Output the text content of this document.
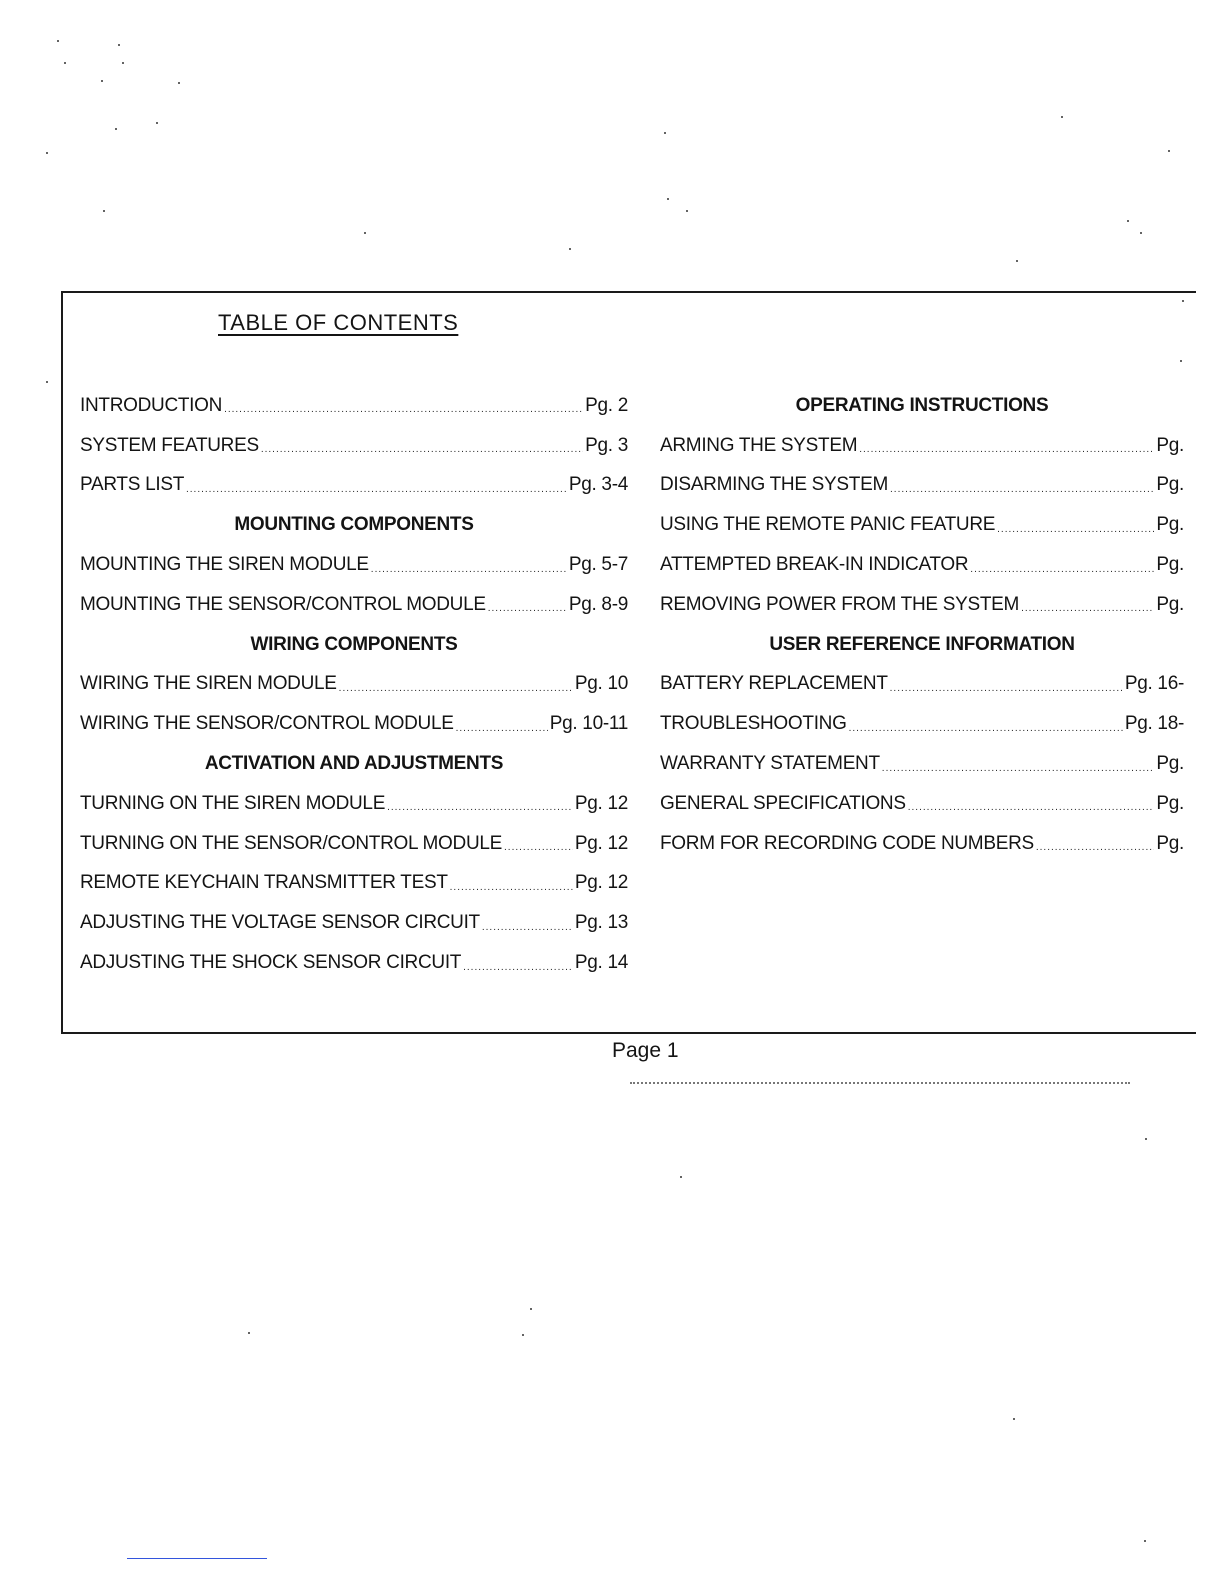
TABLE OF CONTENTS
INTRODUCTION .....	Pg. 2
SYSTEM FEATURES .....	Pg. 3
PARTS LIST .....	Pg. 3-4
MOUNTING COMPONENTS
MOUNTING THE SIREN MODULE .....	Pg. 5-7
MOUNTING THE SENSOR/CONTROL MODULE .....	Pg. 8-9
WIRING COMPONENTS
WIRING THE SIREN MODULE .....	Pg. 10
WIRING THE SENSOR/CONTROL MODULE .....	Pg. 10-11
ACTIVATION AND ADJUSTMENTS
TURNING ON THE SIREN MODULE .....	Pg. 12
TURNING ON THE SENSOR/CONTROL MODULE .....	Pg. 12
REMOTE KEYCHAIN TRANSMITTER TEST .....	Pg. 12
ADJUSTING THE VOLTAGE SENSOR CIRCUIT .....	Pg. 13
ADJUSTING THE SHOCK SENSOR CIRCUIT .....	Pg. 14
OPERATING INSTRUCTIONS
ARMING THE SYSTEM .....	Pg.
DISARMING THE SYSTEM .....	Pg.
USING THE REMOTE PANIC FEATURE .....	Pg.
ATTEMPTED BREAK-IN INDICATOR .....	Pg.
REMOVING POWER FROM THE SYSTEM .....	Pg.
USER REFERENCE INFORMATION
BATTERY REPLACEMENT .....	Pg. 16-
TROUBLESHOOTING .....	Pg. 18-
WARRANTY STATEMENT .....	Pg.
GENERAL SPECIFICATIONS .....	Pg.
FORM FOR RECORDING CODE NUMBERS .....	Pg.
Page 1
